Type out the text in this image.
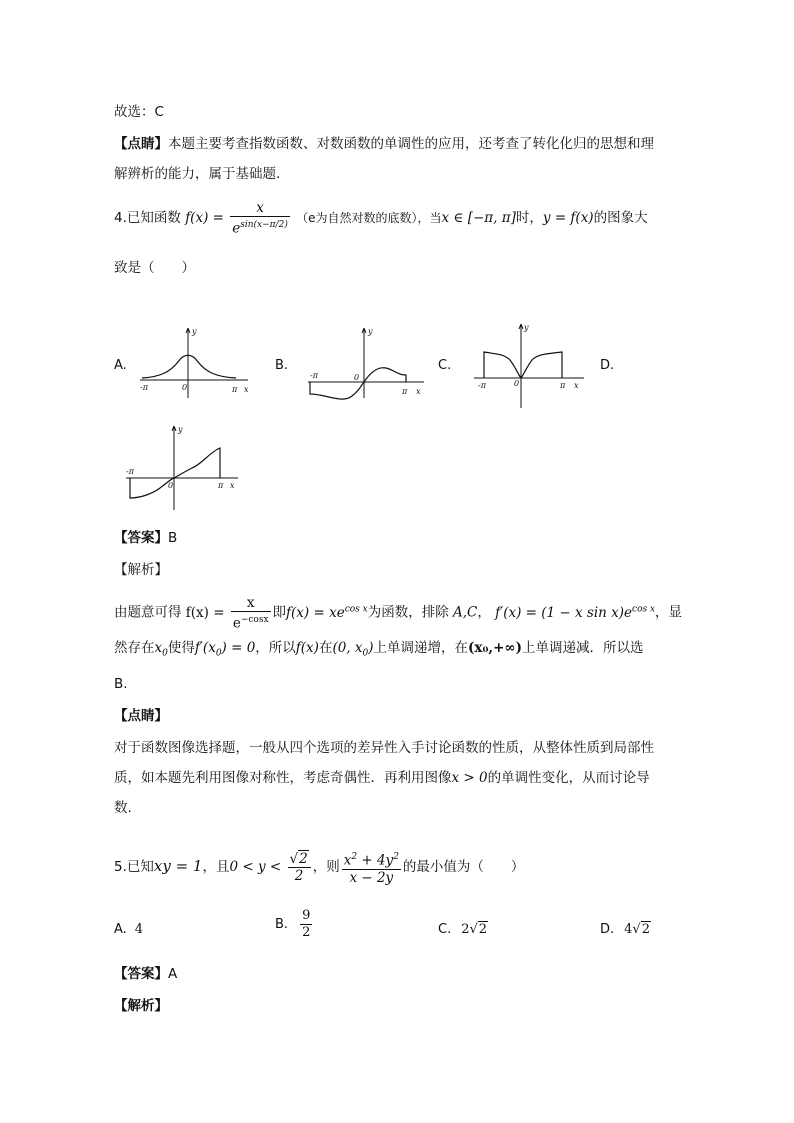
故选：C
【点睛】本题主要考查指数函数、对数函数的单调性的应用，还考查了转化化归的思想和理
解辨析的能力，属于基础题.
4.已知函数 $f(x) = \frac{x}{e^{sin(x-\pi/2)}} (e$为自然对数的底数），当x ∈ [−π, π]时，y = f(x)的图象大
致是（　　）
A.	B.	C.	D.
y
0
-π	π x
y
0
-π
π x
y
0
-π	π x
y
0
-π
π x
【答案】B
【解析】
由题意可得 $f(x) = \frac{x}{e^{-cosx}}$ 即$f(x) = xe^{cos x}$为函数，排除 A,C， f′(x) = (1 − x $\sin x)e^{cos x}$，显
然存在$x_0$使得$f'(x_0) = 0$，所以f(x)在(0, $x_0$)上单调递增，在(x₀,+∞)上单调递减．所以选
B.
【点睛】
对于函数图像选择题，一般从四个选项的差异性入手讨论函数的性质，从整体性质到局部性
质，如本题先利用图像对称性，考虑奇偶性．再利用图像x > 0的单调性变化，从而讨论导
数.
5.已知xy = 1，且$0 < y < \frac{√2}{2}$ ，则 $\frac{x^2 + 4y^2}{x - 2y}$ 的最小值为（　　）
A. 4	B. $\frac{9}{2}$	C. 2√2	D. 4√2
【答案】A
【解析】
